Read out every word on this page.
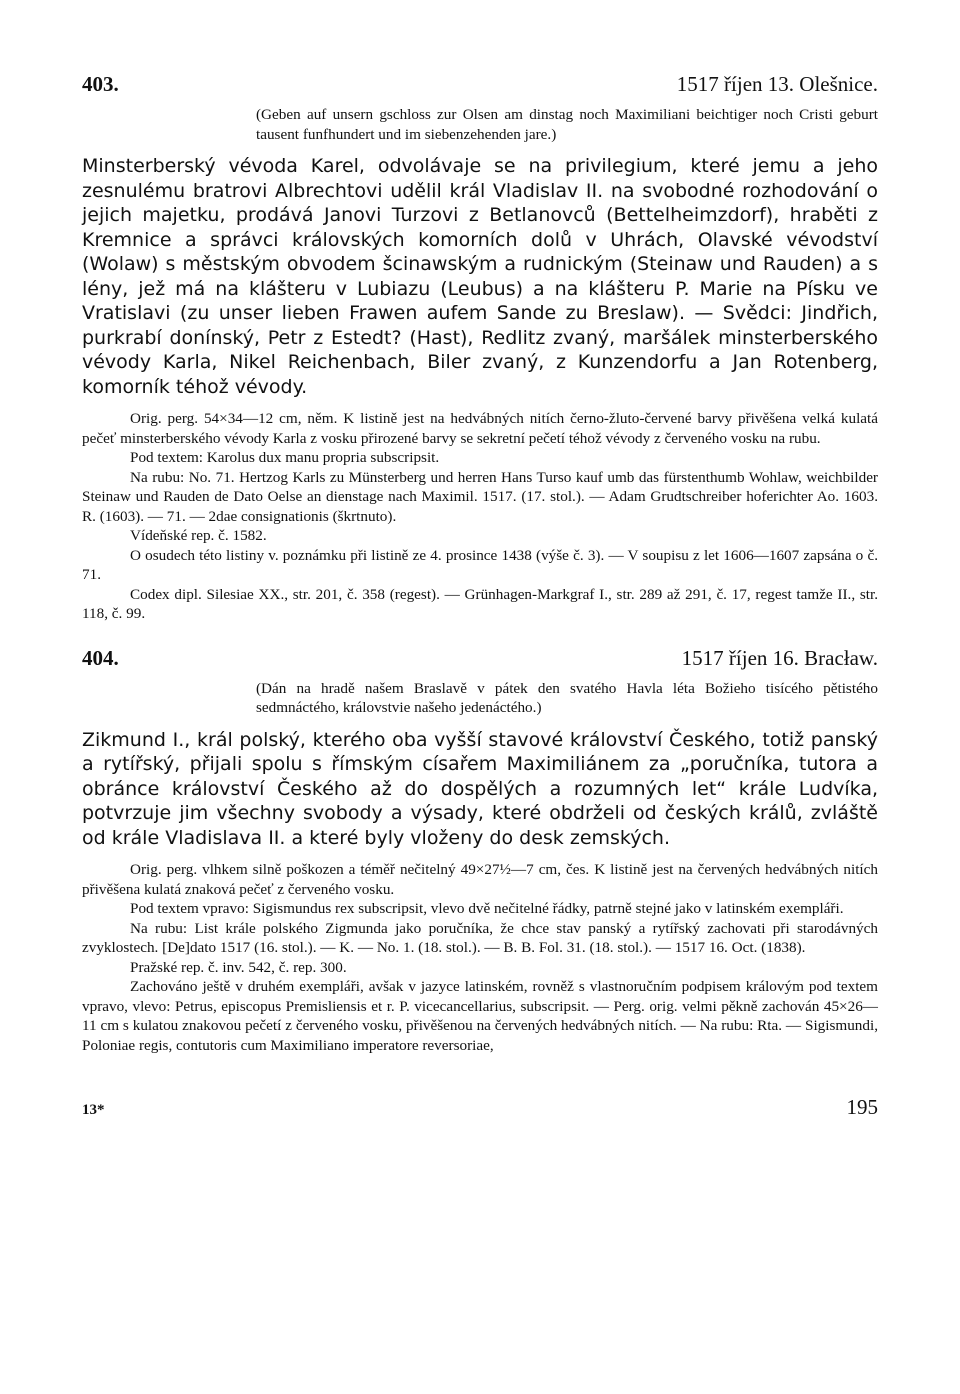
403.	1517 říjen 13. Olešnice.

(Geben auf unsern gschloss zur Olsen am dinstag noch Maximiliani beichtiger noch Cristi geburt tausent funfhundert und im siebenzehenden jare.)

Minsterberský vévoda Karel, odvolávaje se na privilegium, které jemu a jeho zesnulému bratrovi Albrechtovi udělil král Vladislav II. na svobodné rozhodování o jejich majetku, prodává Janovi Turzovi z Betlanovců (Bettelheimzdorf), hraběti z Kremnice a správci královských komorních dolů v Uhrách, Olavské vévodství (Wolaw) s městským obvodem šcinawským a rudnickým (Steinaw und Rauden) a s lény, jež má na klášteru v Lubiazu (Leubus) a na klášteru P. Marie na Písku ve Vratislavi (zu unser lieben Frawen aufem Sande zu Breslaw). — Svědci: Jindřich, purkrabí donínský, Petr z Estedt? (Hast), Redlitz zvaný, maršálek minsterberského vévody Karla, Nikel Reichenbach, Biler zvaný, z Kunzendorfu a Jan Rotenberg, komorník téhož vévody.

Orig. perg. 54×34—12 cm, něm. K listině jest na hedvábných nitích černo-žluto-červené barvy přivěšena velká kulatá pečeť minsterberského vévody Karla z vosku přirozené barvy se sekretní pečetí téhož vévody z červeného vosku na rubu.

Pod textem: Karolus dux manu propria subscripsit.

Na rubu: No. 71. Hertzog Karls zu Münsterberg und herren Hans Turso kauf umb das fürstenthumb Wohlaw, weichbilder Steinaw und Rauden de Dato Oelse an dienstage nach Maximil. 1517. (17. stol.). — Adam Grudtschreiber hoferichter Ao. 1603. R. (1603). — 71. — 2dae consignationis (škrtnuto).

Vídeňské rep. č. 1582.

O osudech této listiny v. poznámku při listině ze 4. prosince 1438 (výše č. 3). — V soupisu z let 1606—1607 zapsána o č. 71.

Codex dipl. Silesiae XX., str. 201, č. 358 (regest). — Grünhagen-Markgraf I., str. 289 až 291, č. 17, regest tamže II., str. 118, č. 99.

404.	1517 říjen 16. Bracław.

(Dán na hradě našem Braslavě v pátek den svatého Havla léta Božieho tisícého pětistého sedmnáctého, královstvie našeho jedenáctého.)

Zikmund I., král polský, kterého oba vyšší stavové království Českého, totiž panský a rytířský, přijali spolu s římským císařem Maximiliánem za „poručníka, tutora a obránce království Českého až do dospělých a rozumných let“ krále Ludvíka, potvrzuje jim všechny svobody a výsady, které obdrželi od českých králů, zvláště od krále Vladislava II. a které byly vloženy do desk zemských.

Orig. perg. vlhkem silně poškozen a téměř nečitelný 49×27½—7 cm, čes. K listině jest na červených hedvábných nitích přivěšena kulatá znaková pečeť z červeného vosku.

Pod textem vpravo: Sigismundus rex subscripsit, vlevo dvě nečitelné řádky, patrně stejné jako v latinském exempláři.

Na rubu: List krále polského Zigmunda jako poručníka, že chce stav panský a rytířský zachovati při starodávných zvyklostech. [De]dato 1517 (16. stol.). — K. — No. 1. (18. stol.). — B. B. Fol. 31. (18. stol.). — 1517 16. Oct. (1838).

Pražské rep. č. inv. 542, č. rep. 300.

Zachováno ještě v druhém exempláři, avšak v jazyce latinském, rovněž s vlastnoručním podpisem královým pod textem vpravo, vlevo: Petrus, episcopus Premisliensis et r. P. vicecancellarius, subscripsit. — Perg. orig. velmi pěkně zachován 45×26—11 cm s kulatou znakovou pečetí z červeného vosku, přivěšenou na červených hedvábných nitích. — Na rubu: Rta. — Sigismundi, Poloniae regis, contutoris cum Maximiliano imperatore reversoriae,

13*	195
